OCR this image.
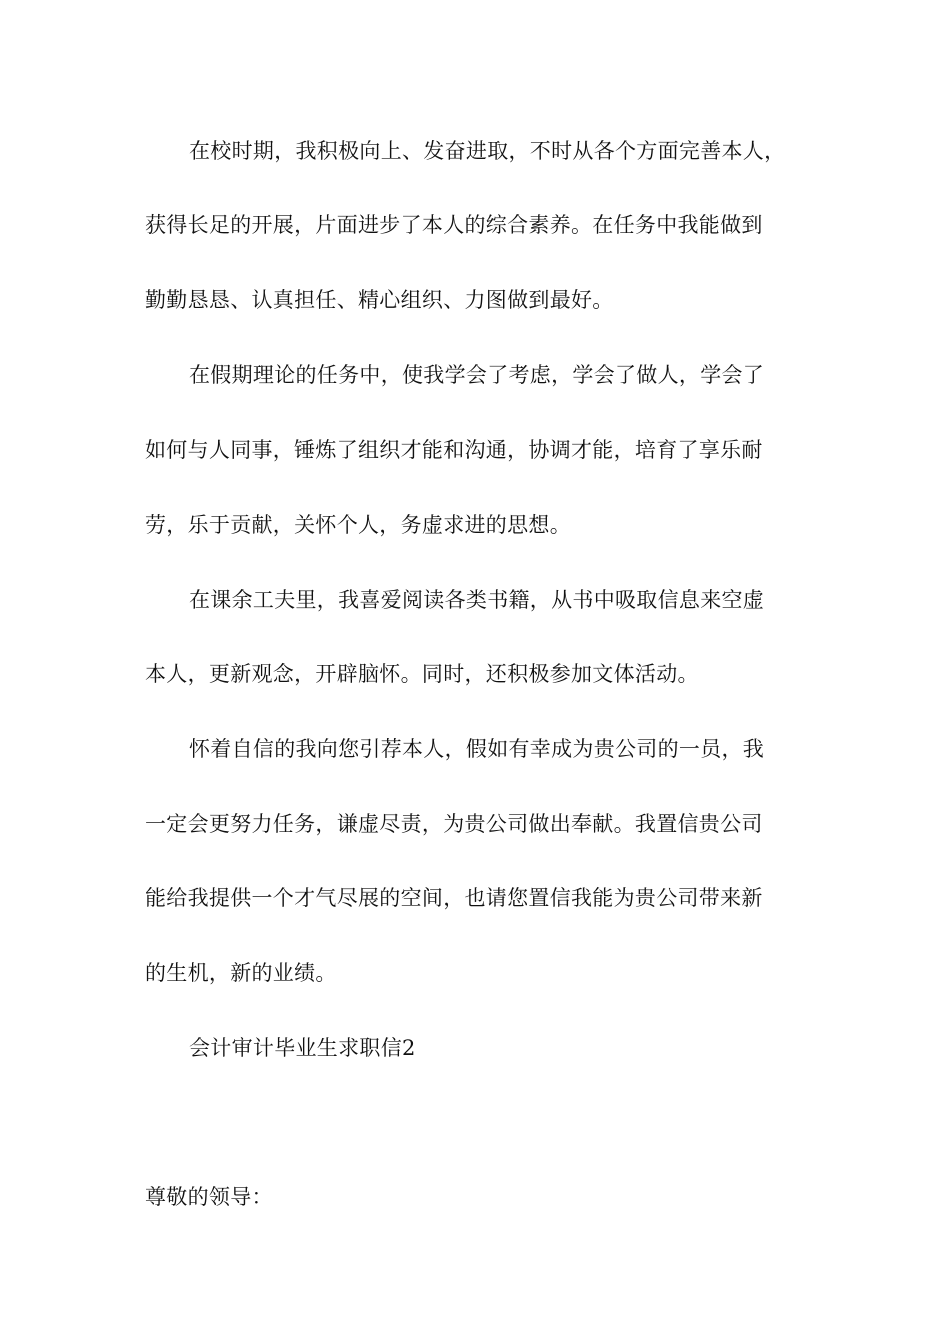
在校时期，我积极向上、发奋进取，不时从各个方面完善本人，
获得长足的开展，片面进步了本人的综合素养。在任务中我能做到
勤勤恳恳、认真担任、精心组织、力图做到最好。
在假期理论的任务中，使我学会了考虑，学会了做人，学会了
如何与人同事，锤炼了组织才能和沟通，协调才能，培育了享乐耐
劳，乐于贡献，关怀个人，务虚求进的思想。
在课余工夫里，我喜爱阅读各类书籍，从书中吸取信息来空虚
本人，更新观念，开辟脑怀。同时，还积极参加文体活动。
怀着自信的我向您引荐本人，假如有幸成为贵公司的一员，我
一定会更努力任务，谦虚尽责，为贵公司做出奉献。我置信贵公司
能给我提供一个才气尽展的空间，也请您置信我能为贵公司带来新
的生机，新的业绩。
会计审计毕业生求职信2
尊敬的领导：
